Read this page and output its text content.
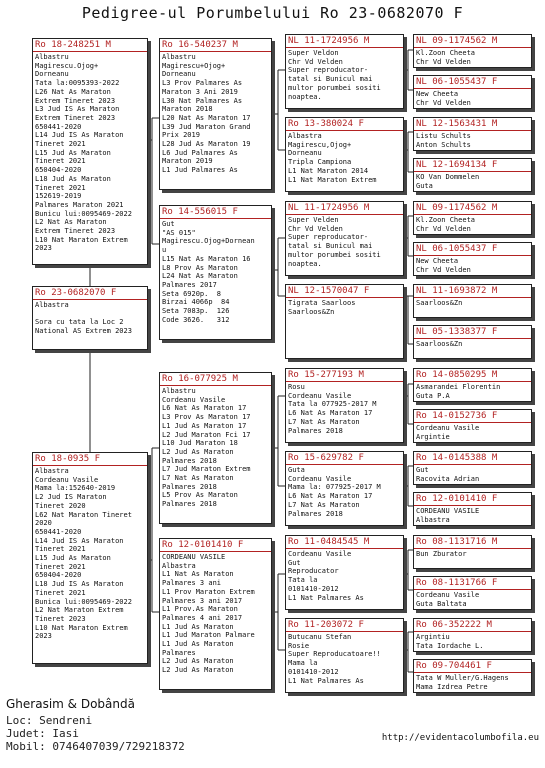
Pedigree-ul Porumbelului Ro 23-0682070 F
Ro 18-248251 M
Albastru
Magirescu.Ojog+
Dorneanu
Tata la:0095393-2022
L26 Nat As Maraton
Extrem Tineret 2023
L3 Jud IS As Maraton
Extrem Tineret 2023
650441-2020
L14 Jud IS As Maraton
Tineret 2021
L15 Jud As Maraton
Tineret 2021
650404-2020
L18 Jud As Maraton
Tineret 2021
152619-2019
Palmares Maraton 2021
Bunicu lui:0095469-2022
L2 Nat As Maraton
Extrem Tineret 2023
L10 Nat Maraton Extrem
2023
Ro 23-0682070 F
Albastra

Sora cu tata la Loc 2
National AS Extrem 2023
Ro 18-0935 F
Albastra
Cordeanu Vasile
Mama la:152640-2019
L2 Jud IS Maraton
Tineret 2020
L62 Nat Maraton Tineret
2020
650441-2020
L14 Jud IS As Maraton
Tineret 2021
L15 Jud As Maraton
Tineret 2021
650404-2020
L18 Jud IS As Maraton
Tineret 2021
Bunica lui:0095469-2022
L2 Nat Maraton Extrem
Tineret 2023
L10 Nat Maraton Extrem
2023
Ro 16-540237 M
Albastru
Magirescu+Ojog+
Dorneanu
L3 Prov Palmares As
Maraton 3 Ani 2019
L30 Nat Palmares As
Maraton 2018
L20 Nat As Maraton 17
L39 Jud Maraton Grand
Prix 2019
L28 Jud As Maraton 19
L6 Jud Palmares As
Maraton 2019
L1 Jud Palmares As
Ro 14-556015 F
Gut
"AS 015"
Magirescu.Ojog+Dornean
u
L15 Nat As Maraton 16
L8 Prov As Maraton
L24 Nat As Maraton
Palmares 2017
Seta 6920p.  8
Birzai 4066p  84
Seta 7083p.  126
Code 3626.   312
Ro 16-077925 M
Albastru
Cordeanu Vasile
L6 Nat As Maraton 17
L3 Prov As Maraton 17
L1 Jud As Maraton 17
L2 Jud Maraton Fci 17
L10 Jud Maraton 18
L2 Jud As Maraton
Palmares 2018
L7 Jud Maraton Extrem
L7 Nat As Maraton
Palmares 2018
L5 Prov As Maraton
Palmares 2018
Ro 12-0101410 F
CORDEANU VASILE
Albastra
L1 Nat As Maraton
Palmares 3 ani
L1 Prov Maraton Extrem
Palmares 3 ani 2017
L1 Prov.As Maraton
Palmares 4 ani 2017
L1 Jud As Maraton
L1 Jud Maraton Palmare
L1 Jud As Maraton
Palmares
L2 Jud As Maraton
L2 Jud As Maraton
NL 11-1724956 M
Super Veldon
Chr Vd Velden
Super reproducator-
tatal si Bunicul mai
multor porumbei sositi
noaptea.
Ro 13-380024 F
Albastra
Magirescu,Ojog+
Dorneanu
Tripla Campiona
L1 Nat Maraton 2014
L1 Nat Maraton Extrem
NL 11-1724956 M
Super Velden
Chr Vd Velden
Super reproducator-
tatal si Bunicul mai
multor porumbei sositi
noaptea.
NL 12-1570047 F
Tigrata Saarloos
Saarloos&Zn
Ro 15-277193 M
Rosu
Cordeanu Vasile
Tata la 077925-2017 M
L6 Nat As Maraton 17
L7 Nat As Maraton
Palmares 2018
Ro 15-629782 F
Guta
Cordeanu Vasile
Mama la: 077925-2017 M
L6 Nat As Maraton 17
L7 Nat As Maraton
Palmares 2018
Ro 11-0484545 M
Cordeanu Vasile
Gut
Reproducator
Tata la
0101410-2012
L1 Nat Palmares As
Ro 11-203072 F
Butucanu Stefan
Rosie
Super Reproducatoare!!
Mama la
0101410-2012
L1 Nat Palmares As
NL 09-1174562 M
Kl.Zoon Cheeta
Chr Vd Velden
NL 06-1055437 F
New Cheeta
Chr Vd Velden
NL 12-1563431 M
Listu Schults
Anton Schults
NL 12-1694134 F
KO Van Dommelen
Guta
NL 09-1174562 M
Kl.Zoon Cheeta
Chr Vd Velden
NL 06-1055437 F
New Cheeta
Chr Vd Velden
NL 11-1693872 M
Saarloos&Zn
NL 05-1338377 F
Saarloos&Zn
Ro 14-0850295 M
Asmarandei Florentin
Guta P.A
Ro 14-0152736 F
Cordeanu Vasile
Argintie
Ro 14-0145388 M
Gut
Racovita Adrian
Ro 12-0101410 F
CORDEANU VASILE
Albastra
Ro 08-1131716 M
Bun Zburator
Ro 08-1131766 F
Cordeanu Vasile
Guta Baltata
Ro 06-352222 M
Argintiu
Tata Iordache L.
Ro 09-704461 F
Tata W Muller/G.Hagens
Mama Izdrea Petre
Gherasim & Dobândă
Loc: Sendreni
Judet: Iasi
Mobil: 0746407039/729218372
http://evidentacolumbofila.eu
